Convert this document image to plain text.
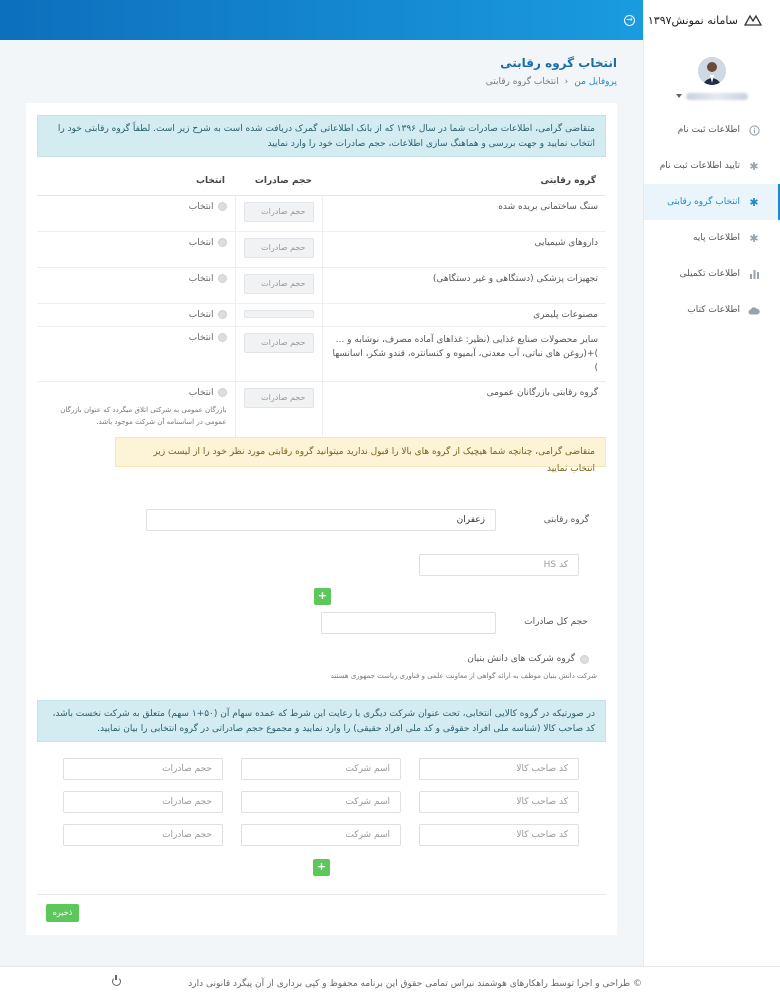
→ سامانه نمونش۱۳۹۷
اطلاعات ثبت نام
✱
تایید اطلاعات ثبت نام
✱
انتخاب گروه رقابتی
✱
اطلاعات پایه
اطلاعات تکمیلی
اطلاعات کتاب
انتخاب گروه رقابتی
پروفایل من
‹
انتخاب گروه رقابتی
متقاضی گرامی، اطلاعات صادرات شما در سال ۱۳۹۶ که از بانک اطلاعاتی گمرک دریافت شده است به شرح زیر است. لطفاً گروه رقابتی خود را انتخاب نمایید و جهت بررسی و هماهنگ سازی اطلاعات، حجم صادرات خود را وارد نمایید
گروه رقابتی	حجم صادرات	انتخاب
سنگ ساختمانی بریده شده	حجم صادرات	انتخاب

داروهای شیمیایی	حجم صادرات	انتخاب

تجهیزات پزشکی (دستگاهی و غیر دستگاهی)	حجم صادرات	انتخاب

مصنوعات پلیمری		انتخاب

سایر محصولات صنایع غذایی (نظیر: غذاهای آماده مصرف، نوشابه و ... )+(روغن های نباتی، آب معدنی، آبمیوه و کنسانتره، قندو شکر، اسانسها )	حجم صادرات	انتخاب

گروه رقابتی بازرگانان عمومی	حجم صادرات	انتخاب
بازرگان عمومی به شرکتی اتلاق میگردد که عنوان بازرگان عمومی در اساسنامه آن شرکت موجود باشد.
متقاضی گرامی، چنانچه شما هیچیک از گروه های بالا را قبول ندارید میتوانید گروه رقابتی مورد نظر خود را از لیست زیر انتخاب نمایید
گروه رقابتی
زعفران
کد HS
+
حجم کل صادرات
گروه شرکت های دانش بنیان
شرکت دانش بنیان موظف به ارائه گواهی از معاونت علمی و فناوری ریاست جمهوری هستند
در صورتیکه در گروه کالایی انتخابی، تحت عنوان شرکت دیگری با رعایت این شرط که عمده سهام آن (۵۰+۱ سهم) متعلق به شرکت نخست باشد، کد صاحب کالا (شناسه ملی افراد حقوقی و کد ملی افراد حقیقی) را وارد نمایید و مجموع حجم صادراتی در گروه انتخابی را بیان نمایید.
کد صاحب کالا
اسم شرکت
حجم صادرات
کد صاحب کالا
اسم شرکت
حجم صادرات
کد صاحب کالا
اسم شرکت
حجم صادرات
+
ذخیره
© طراحی و اجرا توسط راهکارهای هوشمند نیراس تمامی حقوق این برنامه محفوظ و کپی برداری از آن پیگرد قانونی دارد
